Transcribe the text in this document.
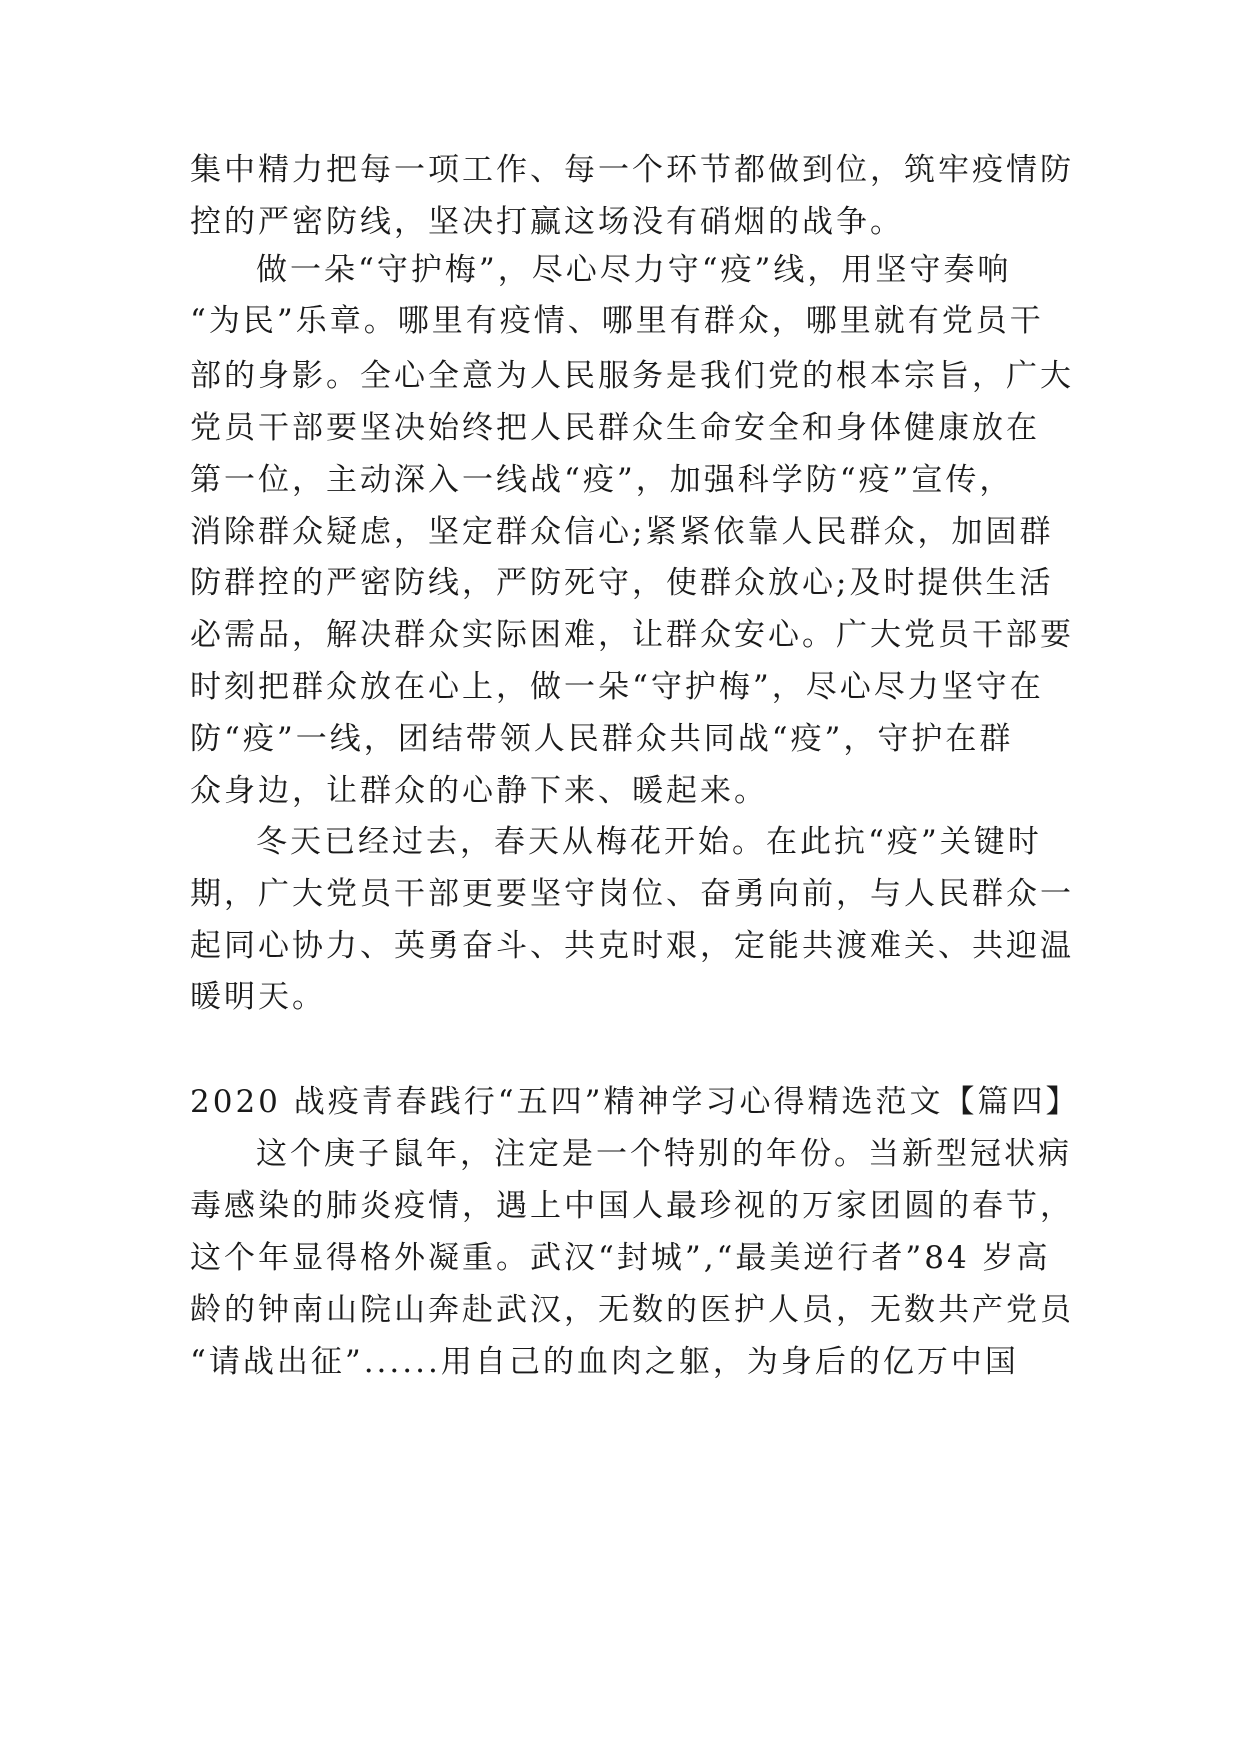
集中精力把每一项工作、每一个环节都做到位，筑牢疫情防
控的严密防线，坚决打赢这场没有硝烟的战争。
做一朵“守护梅”，尽心尽力守“疫”线，用坚守奏响
“为民”乐章。哪里有疫情、哪里有群众，哪里就有党员干
部的身影。全心全意为人民服务是我们党的根本宗旨，广大
党员干部要坚决始终把人民群众生命安全和身体健康放在
第一位，主动深入一线战“疫”，加强科学防“疫”宣传，
消除群众疑虑，坚定群众信心;紧紧依靠人民群众，加固群
防群控的严密防线，严防死守，使群众放心;及时提供生活
必需品，解决群众实际困难，让群众安心。广大党员干部要
时刻把群众放在心上，做一朵“守护梅”，尽心尽力坚守在
防“疫”一线，团结带领人民群众共同战“疫”，守护在群
众身边，让群众的心静下来、暖起来。
冬天已经过去，春天从梅花开始。在此抗“疫”关键时
期，广大党员干部更要坚守岗位、奋勇向前，与人民群众一
起同心协力、英勇奋斗、共克时艰，定能共渡难关、共迎温
暖明天。
2020 战疫青春践行“五四”精神学习心得精选范文【篇四】
这个庚子鼠年，注定是一个特别的年份。当新型冠状病
毒感染的肺炎疫情，遇上中国人最珍视的万家团圆的春节，
这个年显得格外凝重。武汉“封城”,“最美逆行者”84 岁高
龄的钟南山院山奔赴武汉，无数的医护人员，无数共产党员
“请战出征”......用自己的血肉之躯，为身后的亿万中国
